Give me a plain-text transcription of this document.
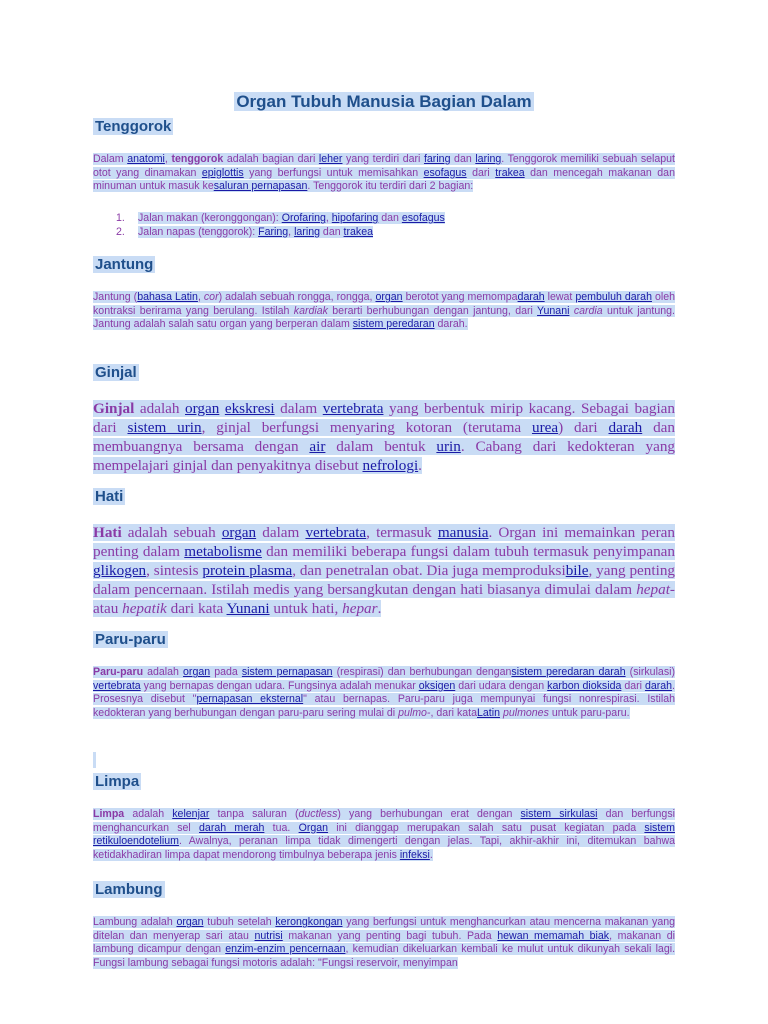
Organ Tubuh Manusia Bagian Dalam
Tenggorok
Dalam anatomi, tenggorok adalah bagian dari leher yang terdiri dari faring dan laring. Tenggorok memiliki sebuah selaput otot yang dinamakan epiglottis yang berfungsi untuk memisahkan esofagus dari trakea dan mencegah makanan dan minuman untuk masuk kesaluran pernapasan. Tenggorok itu terdiri dari 2 bagian:
1. Jalan makan (keronggongan): Orofaring, hipofaring dan esofagus
2. Jalan napas (tenggorok): Faring, laring dan trakea
Jantung
Jantung (bahasa Latin, cor) adalah sebuah rongga, rongga, organ berotot yang memompadarah lewat pembuluh darah oleh kontraksi berirama yang berulang. Istilah kardiak berarti berhubungan dengan jantung, dari Yunani cardia untuk jantung. Jantung adalah salah satu organ yang berperan dalam sistem peredaran darah.
Ginjal
Ginjal adalah organ ekskresi dalam vertebrata yang berbentuk mirip kacang. Sebagai bagian dari sistem urin, ginjal berfungsi menyaring kotoran (terutama urea) dari darah dan membuangnya bersama dengan air dalam bentuk urin. Cabang dari kedokteran yang mempelajari ginjal dan penyakitnya disebut nefrologi.
Hati
Hati adalah sebuah organ dalam vertebrata, termasuk manusia. Organ ini memainkan peran penting dalam metabolisme dan memiliki beberapa fungsi dalam tubuh termasuk penyimpanan glikogen, sintesis protein plasma, dan penetralan obat. Dia juga memproduksibile, yang penting dalam pencernaan. Istilah medis yang bersangkutan dengan hati biasanya dimulai dalam hepat- atau hepatik dari kata Yunani untuk hati, hepar.
Paru-paru
Paru-paru adalah organ pada sistem pernapasan (respirasi) dan berhubungan dengansistem peredaran darah (sirkulasi) vertebrata yang bernapas dengan udara. Fungsinya adalah menukar oksigen dari udara dengan karbon dioksida dari darah. Prosesnya disebut "pernapasan eksternal" atau bernapas. Paru-paru juga mempunyai fungsi nonrespirasi. Istilah kedokteran yang berhubungan dengan paru-paru sering mulai di pulmo-, dari kataLatin pulmones untuk paru-paru.
Limpa
Limpa adalah kelenjar tanpa saluran (ductless) yang berhubungan erat dengan sistem sirkulasi dan berfungsi menghancurkan sel darah merah tua. Organ ini dianggap merupakan salah satu pusat kegiatan pada sistem retikuloendotelium. Awalnya, peranan limpa tidak dimengerti dengan jelas. Tapi, akhir-akhir ini, ditemukan bahwa ketidakhadiran limpa dapat mendorong timbulnya beberapa jenis infeksi.
Lambung
Lambung adalah organ tubuh setelah kerongkongan yang berfungsi untuk menghancurkan atau mencerna makanan yang ditelan dan menyerap sari atau nutrisi makanan yang penting bagi tubuh. Pada hewan memamah biak, makanan di lambung dicampur dengan enzim-enzim pencernaan, kemudian dikeluarkan kembali ke mulut untuk dikunyah sekali lagi. Fungsi lambung sebagai fungsi motoris adalah: "Fungsi reservoir, menyimpan
